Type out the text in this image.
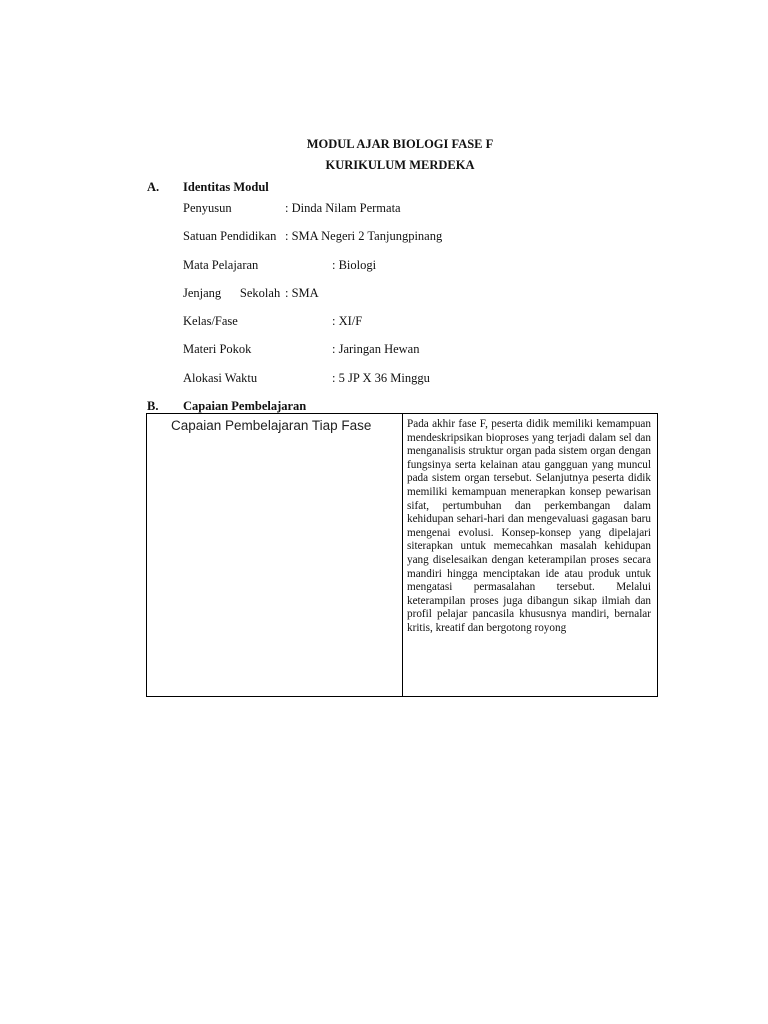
MODUL AJAR BIOLOGI FASE F
KURIKULUM MERDEKA
A. Identitas Modul
Penyusun	: Dinda Nilam Permata
Satuan Pendidikan : SMA Negeri 2 Tanjungpinang
Mata Pelajaran	: Biologi
Jenjang      Sekolah : SMA
Kelas/Fase	: XI/F
Materi Pokok	: Jaringan Hewan
Alokasi Waktu	: 5 JP X 36 Minggu
B. Capaian Pembelajaran
Capaian Pembelajaran Tiap Fase	Pada akhir fase F, peserta didik memiliki kemampuan mendeskripsikan bioproses yang terjadi dalam sel dan menganalisis struktur organ pada sistem organ dengan fungsinya serta kelainan atau gangguan yang muncul pada sistem organ tersebut. Selanjutnya peserta didik memiliki kemampuan menerapkan konsep pewarisan sifat, pertumbuhan dan perkembangan dalam kehidupan sehari-hari dan mengevaluasi gagasan baru mengenai evolusi. Konsep-konsep yang dipelajari siterapkan untuk memecahkan masalah kehidupan yang diselesaikan dengan keterampilan proses secara mandiri hingga menciptakan ide atau produk untuk mengatasi permasalahan tersebut. Melalui keterampilan proses juga dibangun sikap ilmiah dan profil pelajar pancasila khususnya mandiri, bernalar kritis, kreatif dan bergotong royong
